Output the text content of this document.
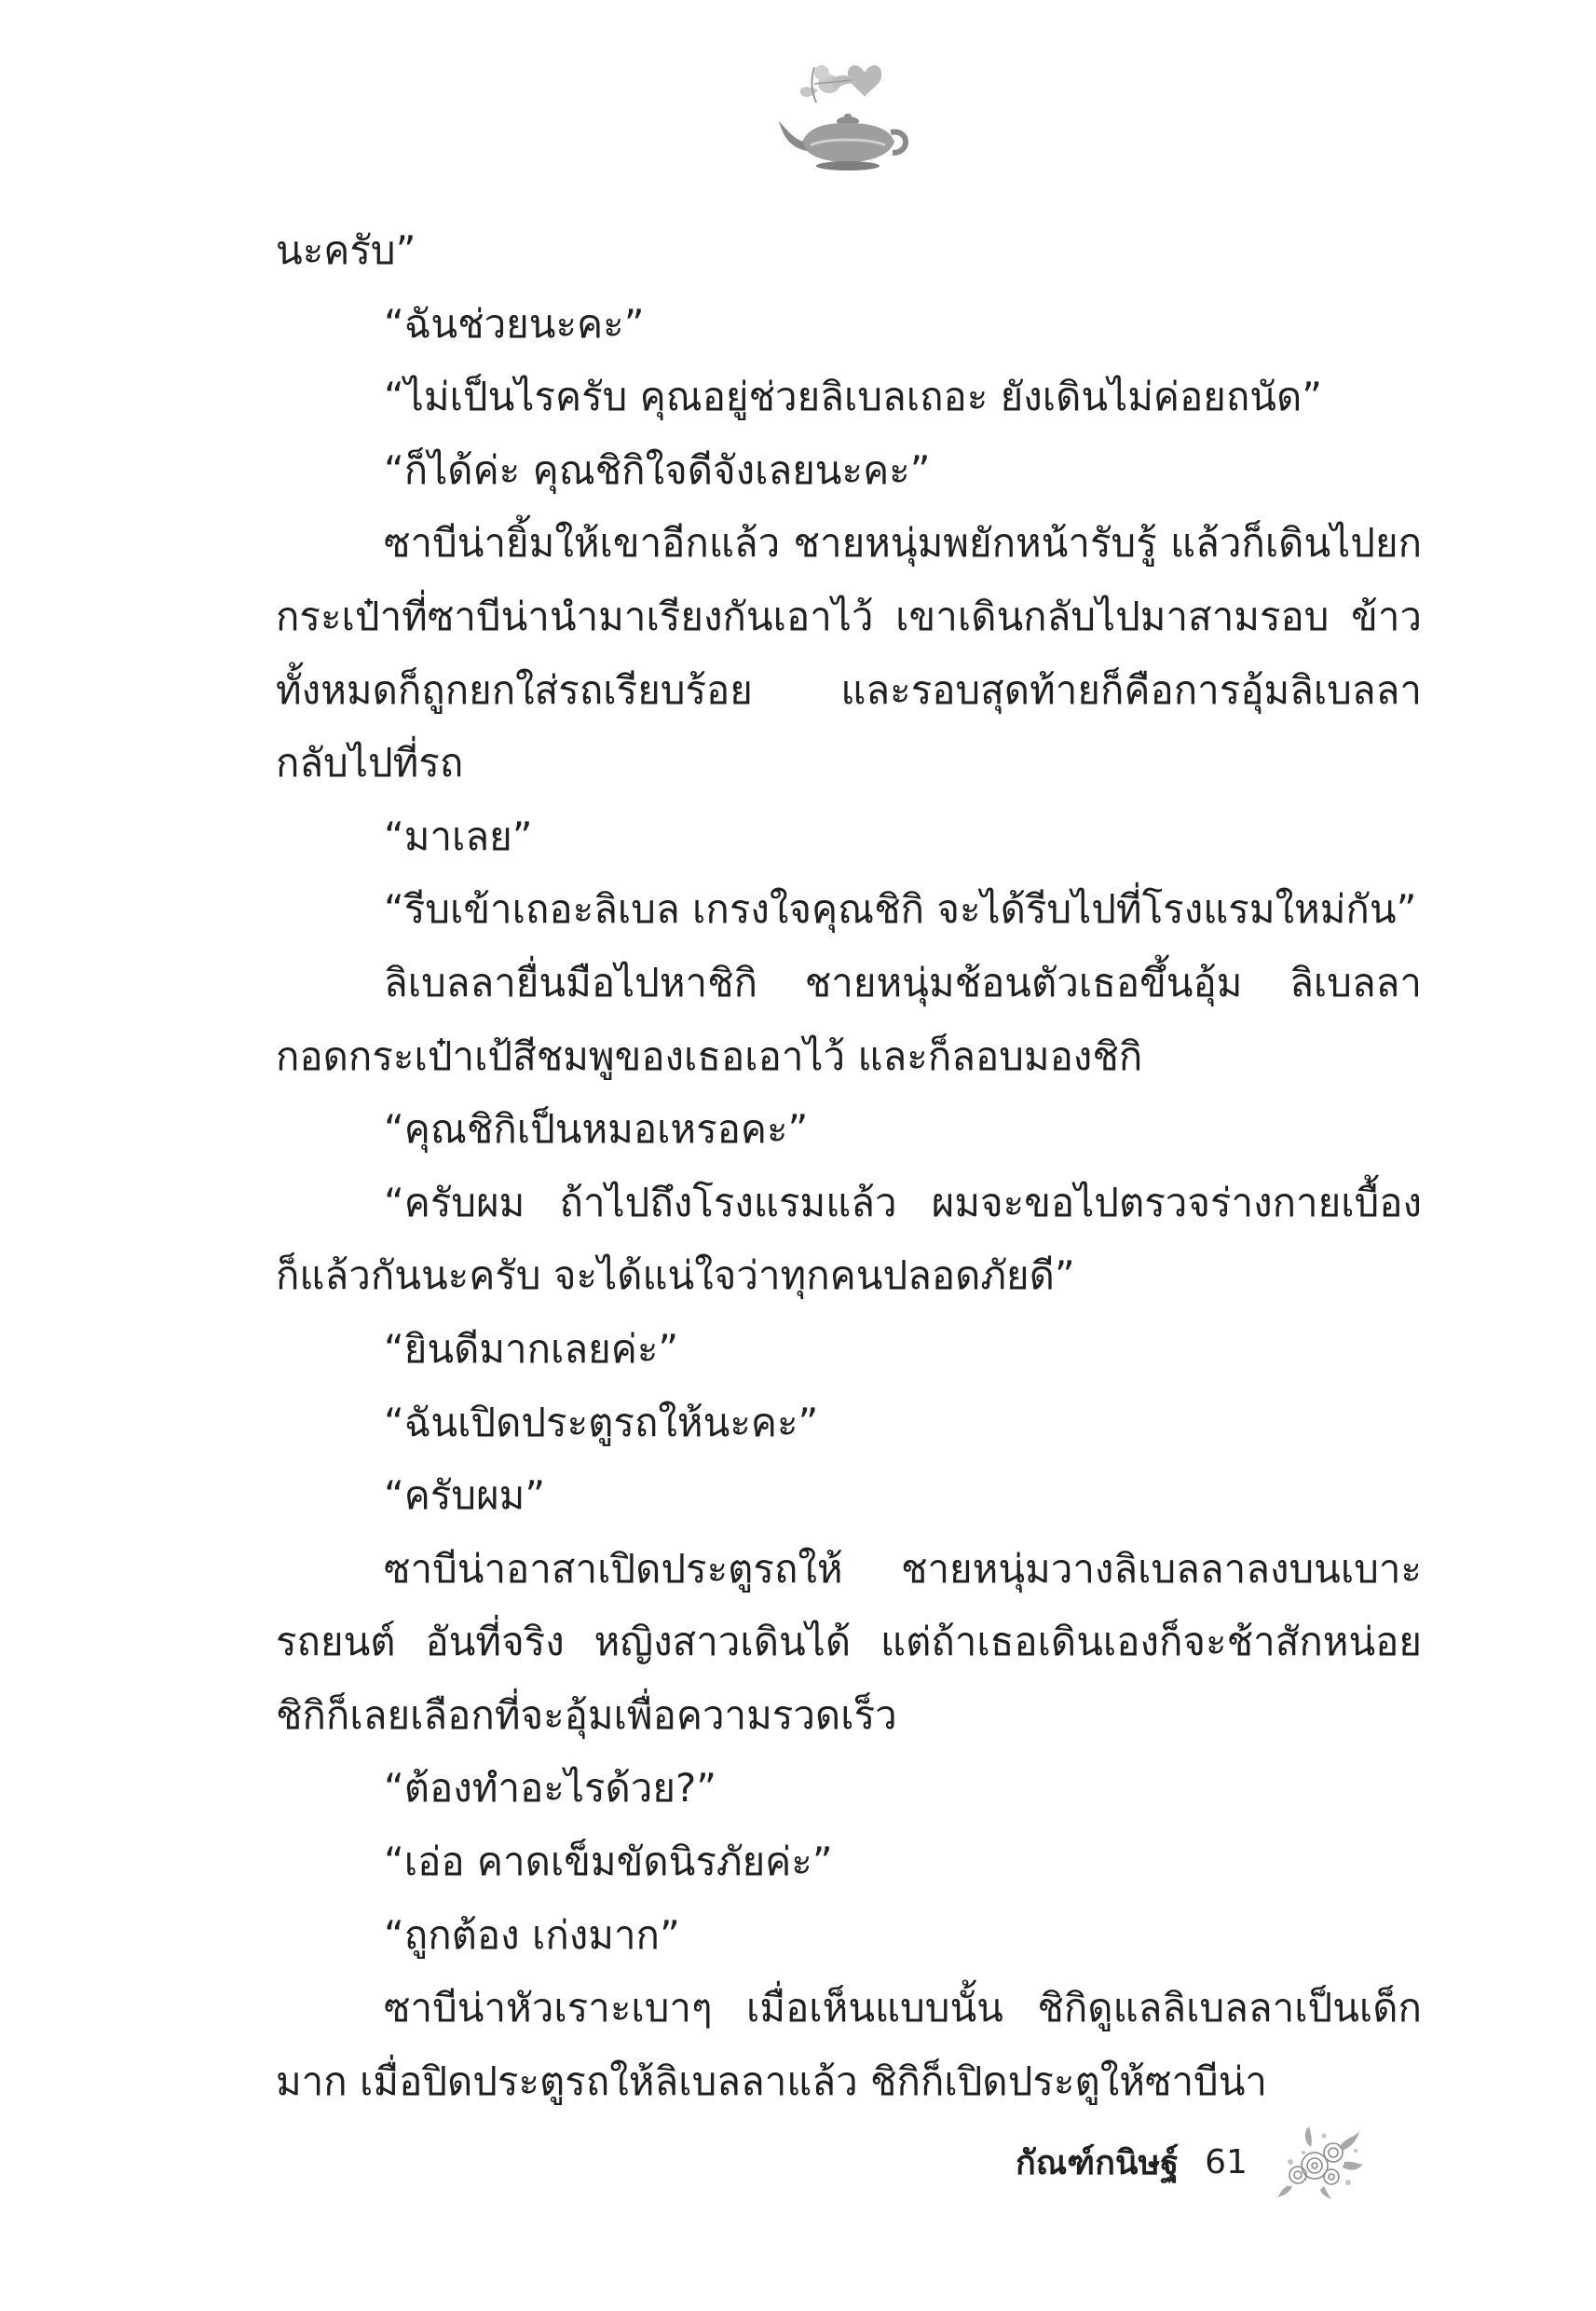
นะครับ”
“ฉันช่วยนะคะ”
“ไม่เป็นไรครับ คุณอยู่ช่วยลิเบลเถอะ ยังเดินไม่ค่อยถนัด”
“ก็ได้ค่ะ คุณชิกิใจดีจังเลยนะคะ”
ซาบีน่ายิ้มให้เขาอีกแล้ว ชายหนุ่มพยักหน้ารับรู้ แล้วก็เดินไปยก
กระเป๋าที่ซาบีน่านำมาเรียงกันเอาไว้ เขาเดินกลับไปมาสามรอบ ข้าว
ทั้งหมดก็ถูกยกใส่รถเรียบร้อย และรอบสุดท้ายก็คือการอุ้มลิเบลลา
กลับไปที่รถ
“มาเลย”
“รีบเข้าเถอะลิเบล เกรงใจคุณชิกิ จะได้รีบไปที่โรงแรมใหม่กัน”
ลิเบลลายื่นมือไปหาชิกิ ชายหนุ่มช้อนตัวเธอขึ้นอุ้ม ลิเบลลา
กอดกระเป๋าเป้สีชมพูของเธอเอาไว้ และก็ลอบมองชิกิ
“คุณชิกิเป็นหมอเหรอคะ”
“ครับผม ถ้าไปถึงโรงแรมแล้ว ผมจะขอไปตรวจร่างกายเบื้อง
ก็แล้วกันนะครับ จะได้แน่ใจว่าทุกคนปลอดภัยดี”
“ยินดีมากเลยค่ะ”
“ฉันเปิดประตูรถให้นะคะ”
“ครับผม”
ซาบีน่าอาสาเปิดประตูรถให้ ชายหนุ่มวางลิเบลลาลงบนเบาะ
รถยนต์ อันที่จริง หญิงสาวเดินได้ แต่ถ้าเธอเดินเองก็จะช้าสักหน่อย
ชิกิก็เลยเลือกที่จะอุ้มเพื่อความรวดเร็ว
“ต้องทำอะไรด้วย?”
“เอ่อ คาดเข็มขัดนิรภัยค่ะ”
“ถูกต้อง เก่งมาก”
ซาบีน่าหัวเราะเบาๆ เมื่อเห็นแบบนั้น ชิกิดูแลลิเบลลาเป็นเด็ก
มาก เมื่อปิดประตูรถให้ลิเบลลาแล้ว ชิกิก็เปิดประตูให้ซาบีน่า
กัณฑ์กนิษฐ์ 61
